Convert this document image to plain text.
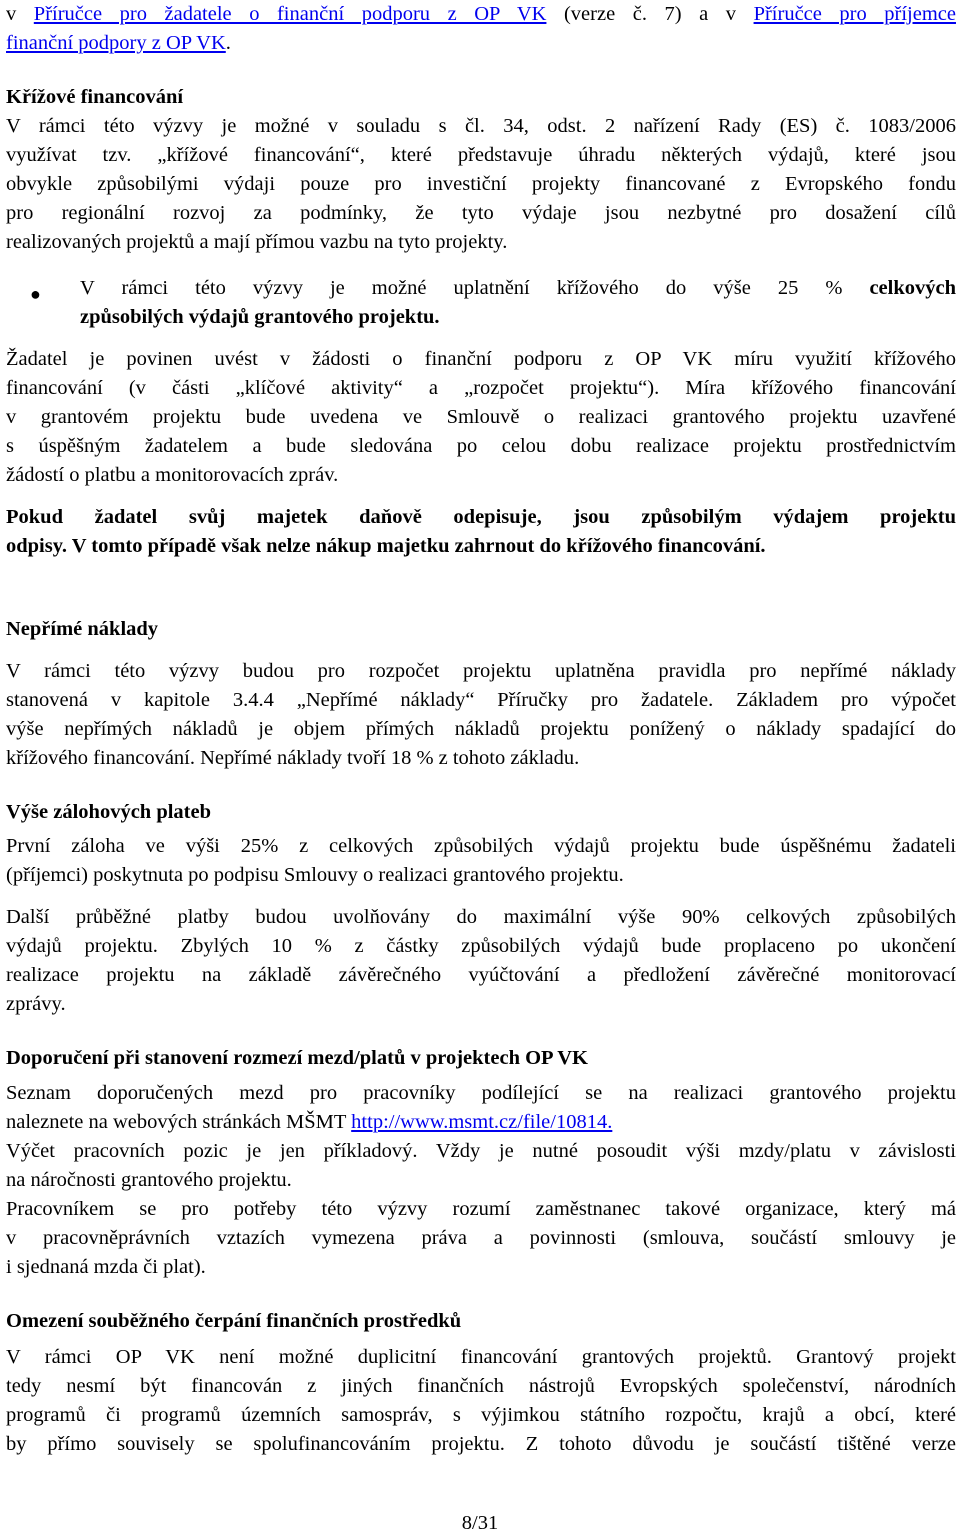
v Příručce pro žadatele o finanční podporu z OP VK (verze č. 7) a v Příručce pro příjemce
finanční podpory z OP VK.
Křížové financování
V rámci této výzvy je možné v souladu s čl. 34, odst. 2 nařízení Rady (ES) č. 1083/2006
využívat tzv. „křížové financování“, které představuje úhradu některých výdajů, které jsou
obvykle způsobilými výdaji pouze pro investiční projekty financované z Evropského fondu
pro regionální rozvoj za podmínky, že tyto výdaje jsou nezbytné pro dosažení cílů
realizovaných projektů a mají přímou vazbu na tyto projekty.
● V rámci této výzvy je možné uplatnění křížového do výše 25 % celkových
způsobilých výdajů grantového projektu.
Žadatel je povinen uvést v žádosti o finanční podporu z OP VK míru využití křížového
financování (v části „klíčové aktivity“ a „rozpočet projektu“). Míra křížového financování
v grantovém projektu bude uvedena ve Smlouvě o realizaci grantového projektu uzavřené
s úspěšným žadatelem a bude sledována po celou dobu realizace projektu prostřednictvím
žádostí o platbu a monitorovacích zpráv.
Pokud žadatel svůj majetek daňově odepisuje, jsou způsobilým výdajem projektu
odpisy. V tomto případě však nelze nákup majetku zahrnout do křížového financování.
Nepřímé náklady
V rámci této výzvy budou pro rozpočet projektu uplatněna pravidla pro nepřímé náklady
stanovená v kapitole 3.4.4 „Nepřímé náklady“ Příručky pro žadatele. Základem pro výpočet
výše nepřímých nákladů je objem přímých nákladů projektu ponížený o náklady spadající do
křížového financování. Nepřímé náklady tvoří 18 % z tohoto základu.
Výše zálohových plateb
První záloha ve výši 25% z celkových způsobilých výdajů projektu bude úspěšnému žadateli
(příjemci) poskytnuta po podpisu Smlouvy o realizaci grantového projektu.
Další průběžné platby budou uvolňovány do maximální výše 90% celkových způsobilých
výdajů projektu. Zbylých 10 % z částky způsobilých výdajů bude proplaceno po ukončení
realizace projektu na základě závěrečného vyúčtování a předložení závěrečné monitorovací
zprávy.
Doporučení při stanovení rozmezí mezd/platů v projektech OP VK
Seznam doporučených mezd pro pracovníky podílející se na realizaci grantového projektu
naleznete na webových stránkách MŠMT http://www.msmt.cz/file/10814.
Výčet pracovních pozic je jen příkladový. Vždy je nutné posoudit výši mzdy/platu v závislosti
na náročnosti grantového projektu.
Pracovníkem se pro potřeby této výzvy rozumí zaměstnanec takové organizace, který má
v pracovněprávních vztazích vymezena práva a povinnosti (smlouva, součástí smlouvy je
i sjednaná mzda či plat).
Omezení souběžného čerpání finančních prostředků
V rámci OP VK není možné duplicitní financování grantových projektů. Grantový projekt
tedy nesmí být financován z jiných finančních nástrojů Evropských společenství, národních
programů či programů územních samospráv, s výjimkou státního rozpočtu, krajů a obcí, které
by přímo souvisely se spolufinancováním projektu. Z tohoto důvodu je součástí tištěné verze
8/31
